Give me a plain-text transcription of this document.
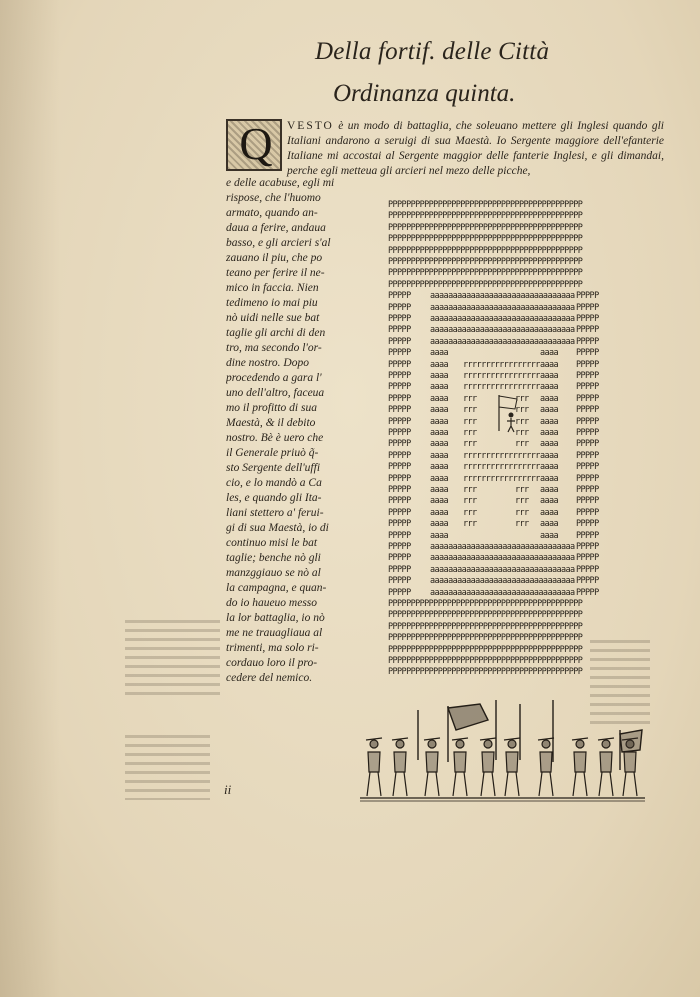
Della fortif. delle Città
Ordinanza quinta.
Q VESTO è un modo di battaglia, che soleuano mettere gli Inglesi quando gli Italiani andarono a seruigi di sua Maestà. Io Sergente maggiore dell'efanterie Italiane mi accostai al Sergente maggior delle fanterie Inglesi, e gli dimandai, perche egli metteua gli arcieri nel mezo delle picche,
e delle acabuse, egli mi
rispose, che l'huomo
armato, quando an-
daua a ferire, andaua
basso, e gli arcieri s'al
zauano il piu, che po
teano per ferire il ne-
mico in faccia. Nien
tedimeno io mai piu
nò uidi nelle sue bat
taglie gli archi di den
tro, ma secondo l'or-
dine nostro. Dopo
procedendo a gara l'
uno dell'altro, faceua
mo il profitto di sua
Maestà, & il debito
nostro. Bè è uero che
il Generale priuò q̃-
sto Sergente dell'uffi
cio, e lo mandò a Ca
les, e quando gli Ita-
liani stettero a' ferui-
gi di sua Maestà, io di
continuo misi le bat
taglie; benche nò gli
manzggiauo se nò al
la campagna, e quan-
do io haueuo messo
la lor battaglia, io nò
me ne trauagliaua al
trimenti, ma solo ri-
cordauo loro il pro-
cedere del nemico.
PPPPPPPPPPPPPPPPPPPPPPPPPPPPPPPPPPPPPPPPPPP
PPPPPPPPPPPPPPPPPPPPPPPPPPPPPPPPPPPPPPPPPPP
PPPPPPPPPPPPPPPPPPPPPPPPPPPPPPPPPPPPPPPPPPP
PPPPPPPPPPPPPPPPPPPPPPPPPPPPPPPPPPPPPPPPPPP
PPPPPPPPPPPPPPPPPPPPPPPPPPPPPPPPPPPPPPPPPPP
PPPPPPPPPPPPPPPPPPPPPPPPPPPPPPPPPPPPPPPPPPP
PPPPPPPPPPPPPPPPPPPPPPPPPPPPPPPPPPPPPPPPPPP
PPPPPPPPPPPPPPPPPPPPPPPPPPPPPPPPPPPPPPPPPPP
PPPPP	PPPPP
aaaaaaaaaaaaaaaaaaaaaaaaaaaaaaaa
PPPPP	PPPPP
aaaaaaaaaaaaaaaaaaaaaaaaaaaaaaaa
PPPPP	PPPPP
aaaaaaaaaaaaaaaaaaaaaaaaaaaaaaaa
PPPPP	PPPPP
aaaaaaaaaaaaaaaaaaaaaaaaaaaaaaaa
PPPPP	PPPPP
aaaaaaaaaaaaaaaaaaaaaaaaaaaaaaaa
PPPPP	PPPPP
aaaa	aaaa
PPPPP	PPPPP
aaaa	aaaa
rrrrrrrrrrrrrrrrr
PPPPP	PPPPP
aaaa	aaaa
rrrrrrrrrrrrrrrrr
PPPPP	PPPPP
aaaa	aaaa
rrrrrrrrrrrrrrrrr
PPPPP	PPPPP
aaaa	aaaa
rrr	rrr
PPPPP	PPPPP
aaaa	aaaa
rrr	rrr
PPPPP	PPPPP
aaaa	aaaa
rrr	rrr
PPPPP	PPPPP
aaaa	aaaa
rrr	rrr
PPPPP	PPPPP
aaaa	aaaa
rrr	rrr
PPPPP	PPPPP
aaaa	aaaa
rrrrrrrrrrrrrrrrr
PPPPP	PPPPP
aaaa	aaaa
rrrrrrrrrrrrrrrrr
PPPPP	PPPPP
aaaa	aaaa
rrrrrrrrrrrrrrrrr
PPPPP	PPPPP
aaaa	aaaa
rrr	rrr
PPPPP	PPPPP
aaaa	aaaa
rrr	rrr
PPPPP	PPPPP
aaaa	aaaa
rrr	rrr
PPPPP	PPPPP
aaaa	aaaa
rrr	rrr
PPPPP	PPPPP
aaaa	aaaa
PPPPP	PPPPP
aaaaaaaaaaaaaaaaaaaaaaaaaaaaaaaa
PPPPP	PPPPP
aaaaaaaaaaaaaaaaaaaaaaaaaaaaaaaa
PPPPP	PPPPP
aaaaaaaaaaaaaaaaaaaaaaaaaaaaaaaa
PPPPP	PPPPP
aaaaaaaaaaaaaaaaaaaaaaaaaaaaaaaa
PPPPP	PPPPP
aaaaaaaaaaaaaaaaaaaaaaaaaaaaaaaa
PPPPPPPPPPPPPPPPPPPPPPPPPPPPPPPPPPPPPPPPPPP
PPPPPPPPPPPPPPPPPPPPPPPPPPPPPPPPPPPPPPPPPPP
PPPPPPPPPPPPPPPPPPPPPPPPPPPPPPPPPPPPPPPPPPP
PPPPPPPPPPPPPPPPPPPPPPPPPPPPPPPPPPPPPPPPPPP
PPPPPPPPPPPPPPPPPPPPPPPPPPPPPPPPPPPPPPPPPPP
PPPPPPPPPPPPPPPPPPPPPPPPPPPPPPPPPPPPPPPPPPP
PPPPPPPPPPPPPPPPPPPPPPPPPPPPPPPPPPPPPPPPPPP
ii
